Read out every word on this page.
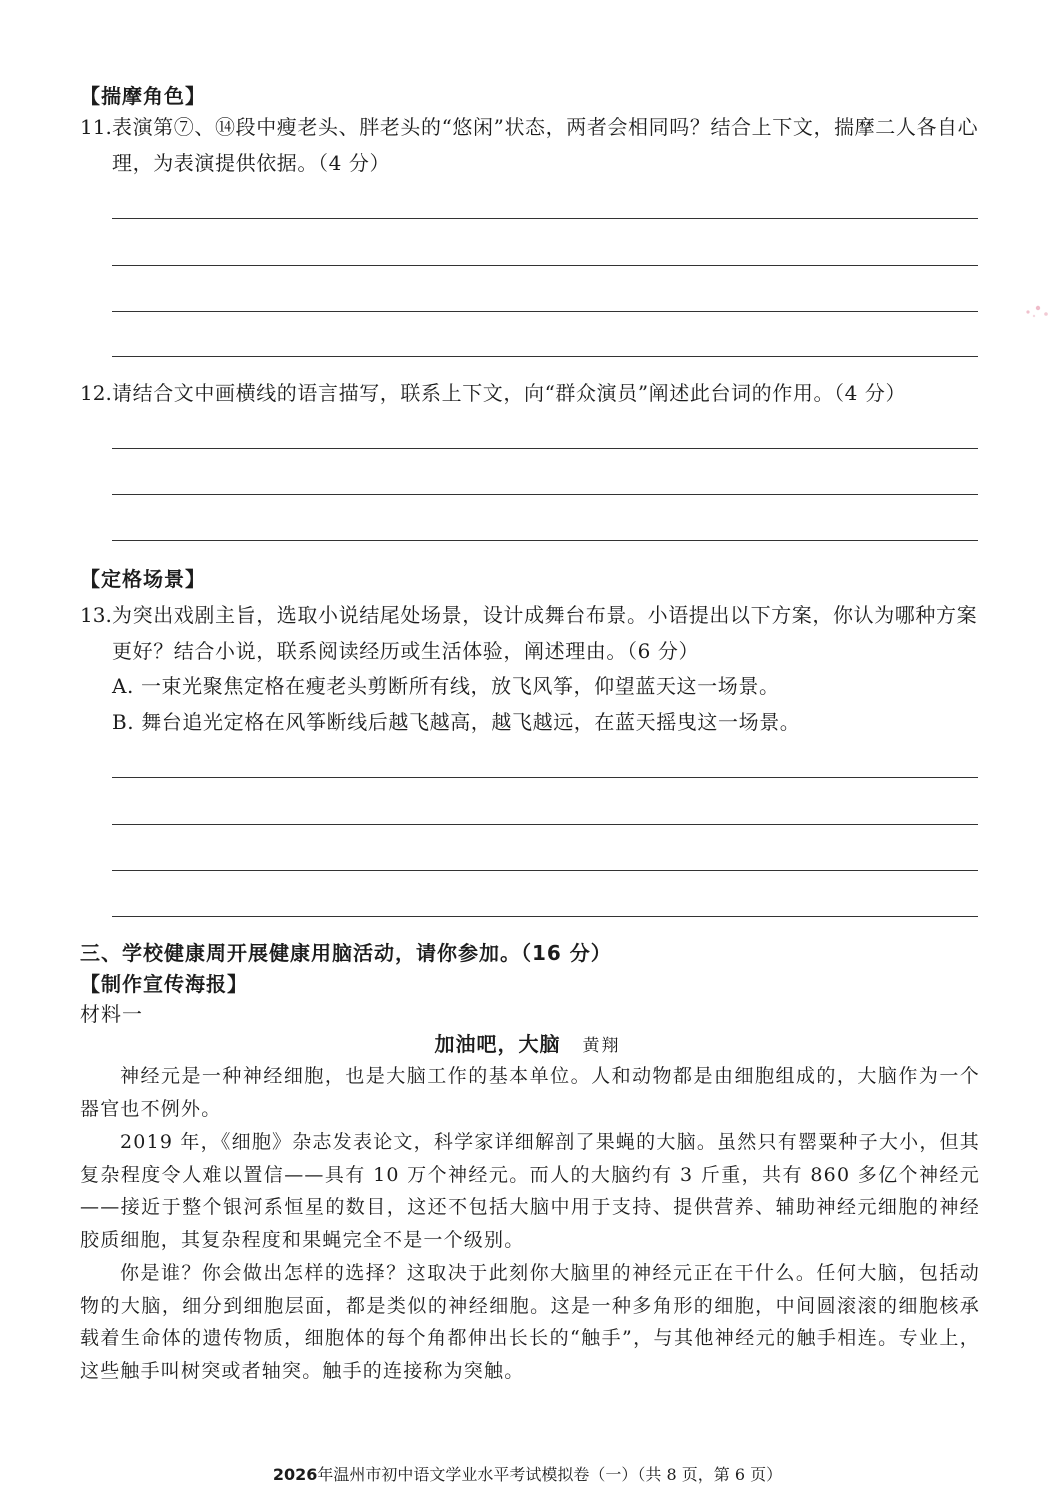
【揣摩角色】
11. 表演第⑦、⑭段中瘦老头、胖老头的“悠闲”状态，两者会相同吗？结合上下文，揣摩二人各自心理，为表演提供依据。（4 分）
12. 请结合文中画横线的语言描写，联系上下文，向“群众演员”阐述此台词的作用。（4 分）
【定格场景】
13. 为突出戏剧主旨，选取小说结尾处场景，设计成舞台布景。小语提出以下方案，你认为哪种方案更好？结合小说，联系阅读经历或生活体验，阐述理由。（6 分）
A. 一束光聚焦定格在瘦老头剪断所有线，放飞风筝，仰望蓝天这一场景。
B. 舞台追光定格在风筝断线后越飞越高，越飞越远，在蓝天摇曳这一场景。
三、学校健康周开展健康用脑活动，请你参加。（16 分）
【制作宣传海报】
材料一
加油吧，大脑 黄翔
神经元是一种神经细胞，也是大脑工作的基本单位。人和动物都是由细胞组成的，大脑作为一个器官也不例外。
2019 年，《细胞》杂志发表论文，科学家详细解剖了果蝇的大脑。虽然只有罂粟种子大小，但其复杂程度令人难以置信——具有 10 万个神经元。而人的大脑约有 3 斤重，共有 860 多亿个神经元——接近于整个银河系恒星的数目，这还不包括大脑中用于支持、提供营养、辅助神经元细胞的神经胶质细胞，其复杂程度和果蝇完全不是一个级别。
你是谁？你会做出怎样的选择？这取决于此刻你大脑里的神经元正在干什么。任何大脑，包括动物的大脑，细分到细胞层面，都是类似的神经细胞。这是一种多角形的细胞，中间圆滚滚的细胞核承载着生命体的遗传物质，细胞体的每个角都伸出长长的“触手”，与其他神经元的触手相连。专业上，这些触手叫树突或者轴突。触手的连接称为突触。
2026年温州市初中语文学业水平考试模拟卷（一）（共 8 页，第 6 页）
